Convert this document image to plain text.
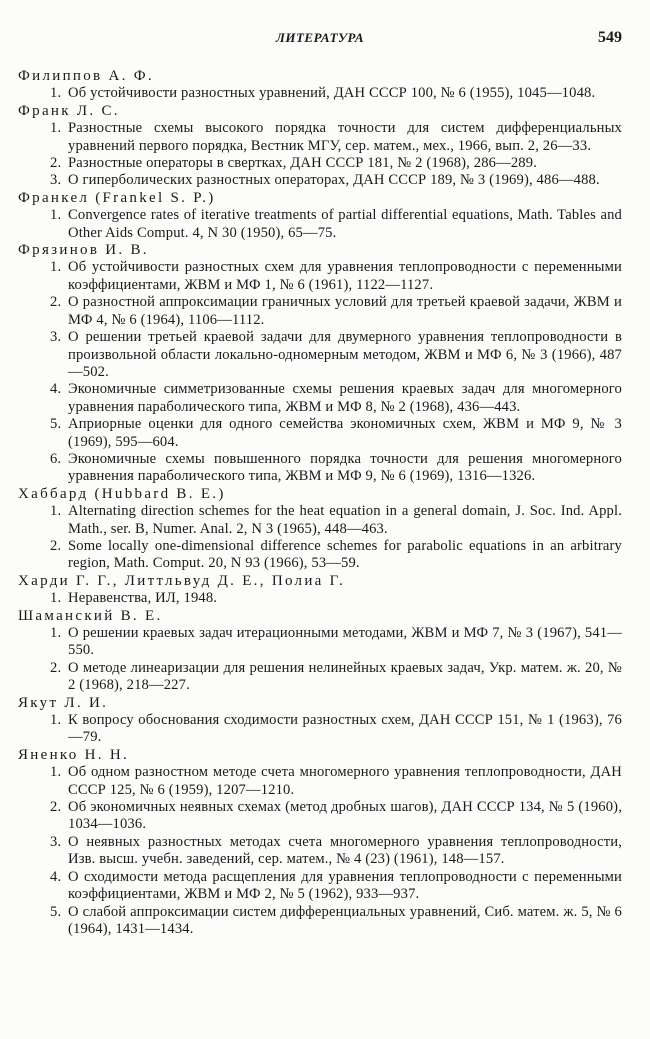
ЛИТЕРАТУРА	549
Филиппов А. Ф.
1. Об устойчивости разностных уравнений, ДАН СССР 100, № 6 (1955), 1045—1048.
Франк Л. С.
1. Разностные схемы высокого порядка точности для систем дифференциальных уравнений первого порядка, Вестник МГУ, сер. матем., мех., 1966, вып. 2, 26—33.
2. Разностные операторы в свертках, ДАН СССР 181, № 2 (1968), 286—289.
3. О гиперболических разностных операторах, ДАН СССР 189, № 3 (1969), 486—488.
Франкел (Frankel S. P.)
1. Convergence rates of iterative treatments of partial differential equations, Math. Tables and Other Aids Comput. 4, N 30 (1950), 65—75.
Фрязинов И. В.
1. Об устойчивости разностных схем для уравнения теплопроводности с переменными коэффициентами, ЖВМ и МФ 1, № 6 (1961), 1122—1127.
2. О разностной аппроксимации граничных условий для третьей краевой задачи, ЖВМ и МФ 4, № 6 (1964), 1106—1112.
3. О решении третьей краевой задачи для двумерного уравнения теплопроводности в произвольной области локально-одномерным методом, ЖВМ и МФ 6, № 3 (1966), 487—502.
4. Экономичные симметризованные схемы решения краевых задач для многомерного уравнения параболического типа, ЖВМ и МФ 8, № 2 (1968), 436—443.
5. Априорные оценки для одного семейства экономичных схем, ЖВМ и МФ 9, № 3 (1969), 595—604.
6. Экономичные схемы повышенного порядка точности для решения многомерного уравнения параболического типа, ЖВМ и МФ 9, № 6 (1969), 1316—1326.
Хаббард (Hubbard B. E.)
1. Alternating direction schemes for the heat equation in a general domain, J. Soc. Ind. Appl. Math., ser. B, Numer. Anal. 2, N 3 (1965), 448—463.
2. Some locally one-dimensional difference schemes for parabolic equations in an arbitrary region, Math. Comput. 20, N 93 (1966), 53—59.
Харди Г. Г., Литтльвуд Д. Е., Полиа Г.
1. Неравенства, ИЛ, 1948.
Шаманский В. Е.
1. О решении краевых задач итерационными методами, ЖВМ и МФ 7, № 3 (1967), 541—550.
2. О методе линеаризации для решения нелинейных краевых задач, Укр. матем. ж. 20, № 2 (1968), 218—227.
Якут Л. И.
1. К вопросу обоснования сходимости разностных схем, ДАН СССР 151, № 1 (1963), 76—79.
Яненко Н. Н.
1. Об одном разностном методе счета многомерного уравнения теплопроводности, ДАН СССР 125, № 6 (1959), 1207—1210.
2. Об экономичных неявных схемах (метод дробных шагов), ДАН СССР 134, № 5 (1960), 1034—1036.
3. О неявных разностных методах счета многомерного уравнения теплопроводности, Изв. высш. учебн. заведений, сер. матем., № 4 (23) (1961), 148—157.
4. О сходимости метода расщепления для уравнения теплопроводности с переменными коэффициентами, ЖВМ и МФ 2, № 5 (1962), 933—937.
5. О слабой аппроксимации систем дифференциальных уравнений, Сиб. матем. ж. 5, № 6 (1964), 1431—1434.
